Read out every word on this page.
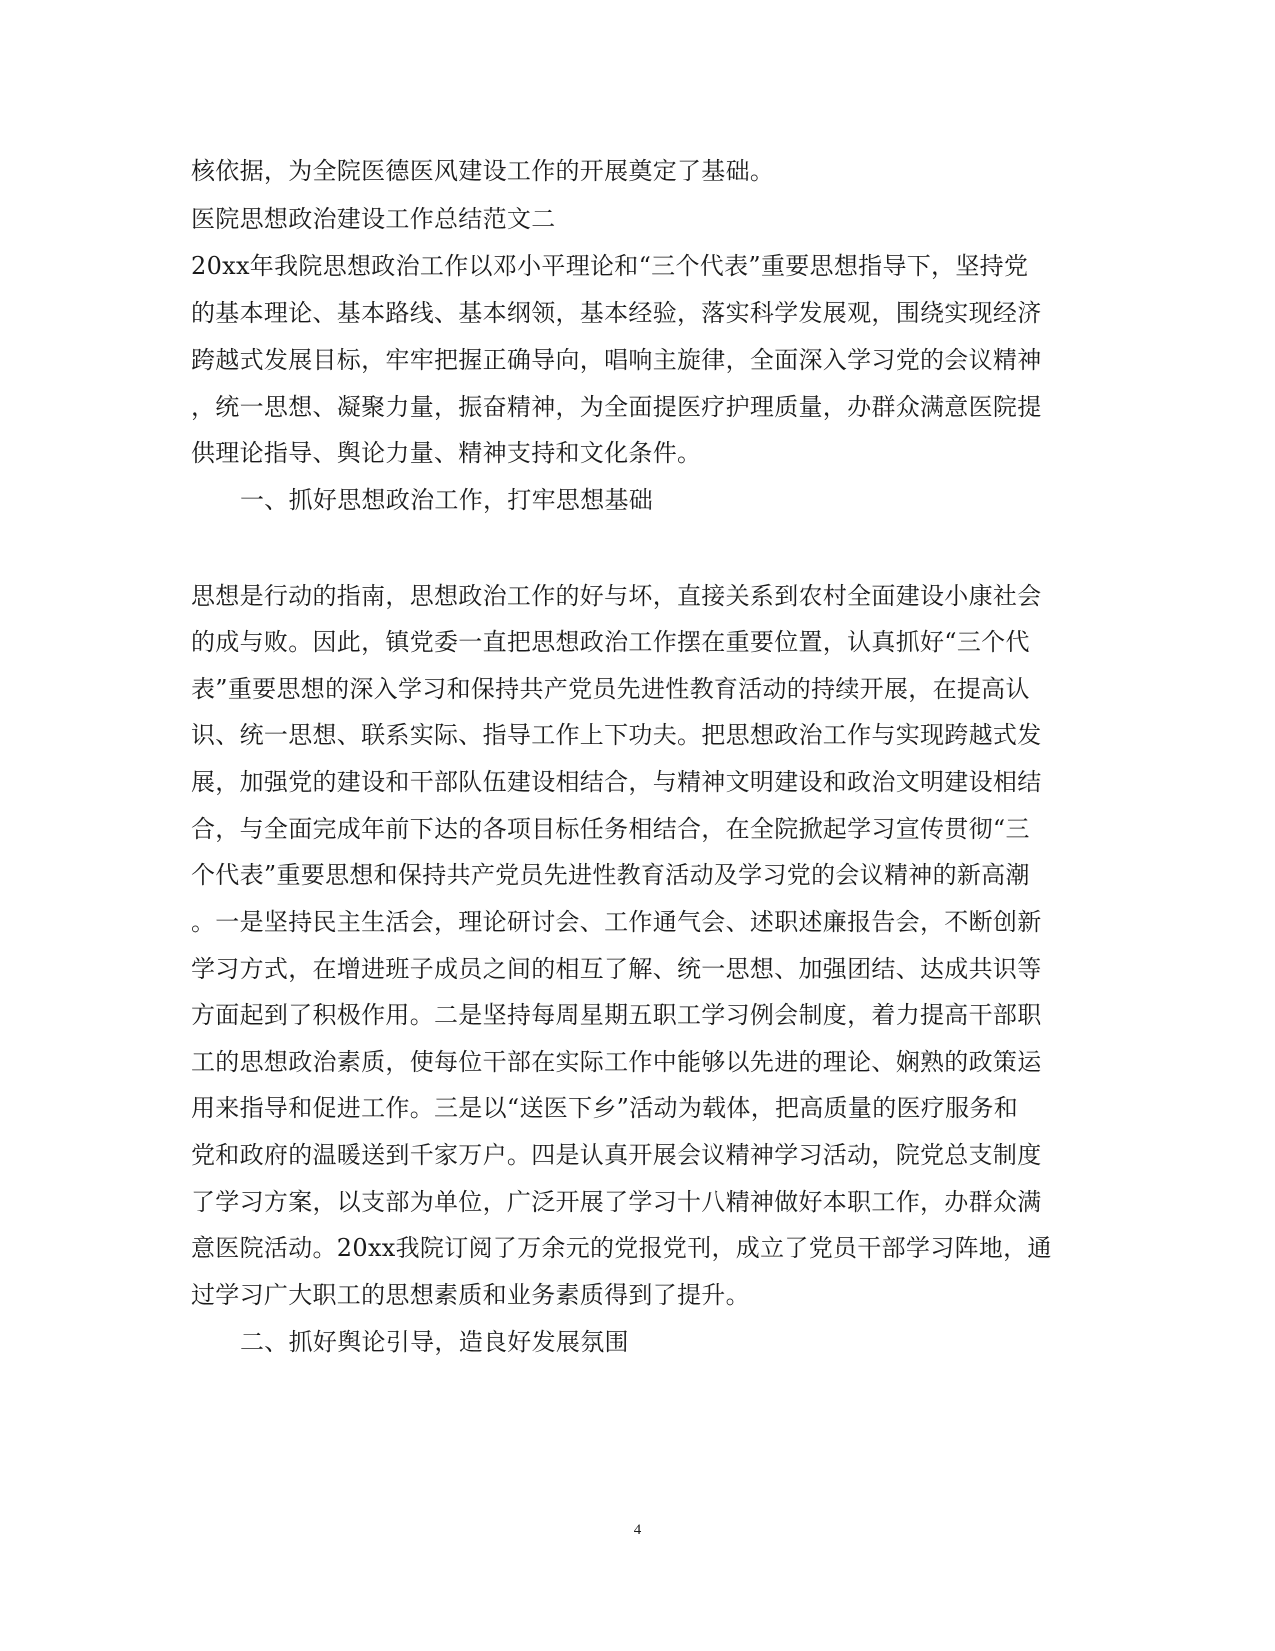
核依据，为全院医德医风建设工作的开展奠定了基础。
医院思想政治建设工作总结范文二
20xx年我院思想政治工作以邓小平理论和“三个代表”重要思想指导下，坚持党
的基本理论、基本路线、基本纲领，基本经验，落实科学发展观，围绕实现经济
跨越式发展目标，牢牢把握正确导向，唱响主旋律，全面深入学习党的会议精神
，统一思想、凝聚力量，振奋精神，为全面提医疗护理质量，办群众满意医院提
供理论指导、舆论力量、精神支持和文化条件。
一、抓好思想政治工作，打牢思想基础
思想是行动的指南，思想政治工作的好与坏，直接关系到农村全面建设小康社会
的成与败。因此，镇党委一直把思想政治工作摆在重要位置，认真抓好“三个代
表”重要思想的深入学习和保持共产党员先进性教育活动的持续开展，在提高认
识、统一思想、联系实际、指导工作上下功夫。把思想政治工作与实现跨越式发
展，加强党的建设和干部队伍建设相结合，与精神文明建设和政治文明建设相结
合，与全面完成年前下达的各项目标任务相结合，在全院掀起学习宣传贯彻“三
个代表”重要思想和保持共产党员先进性教育活动及学习党的会议精神的新高潮
。一是坚持民主生活会，理论研讨会、工作通气会、述职述廉报告会，不断创新
学习方式，在增进班子成员之间的相互了解、统一思想、加强团结、达成共识等
方面起到了积极作用。二是坚持每周星期五职工学习例会制度，着力提高干部职
工的思想政治素质，使每位干部在实际工作中能够以先进的理论、娴熟的政策运
用来指导和促进工作。三是以“送医下乡”活动为载体，把高质量的医疗服务和
党和政府的温暖送到千家万户。四是认真开展会议精神学习活动，院党总支制度
了学习方案，以支部为单位，广泛开展了学习十八精神做好本职工作，办群众满
意医院活动。20xx我院订阅了万余元的党报党刊，成立了党员干部学习阵地，通
过学习广大职工的思想素质和业务素质得到了提升。
二、抓好舆论引导，造良好发展氛围
4
